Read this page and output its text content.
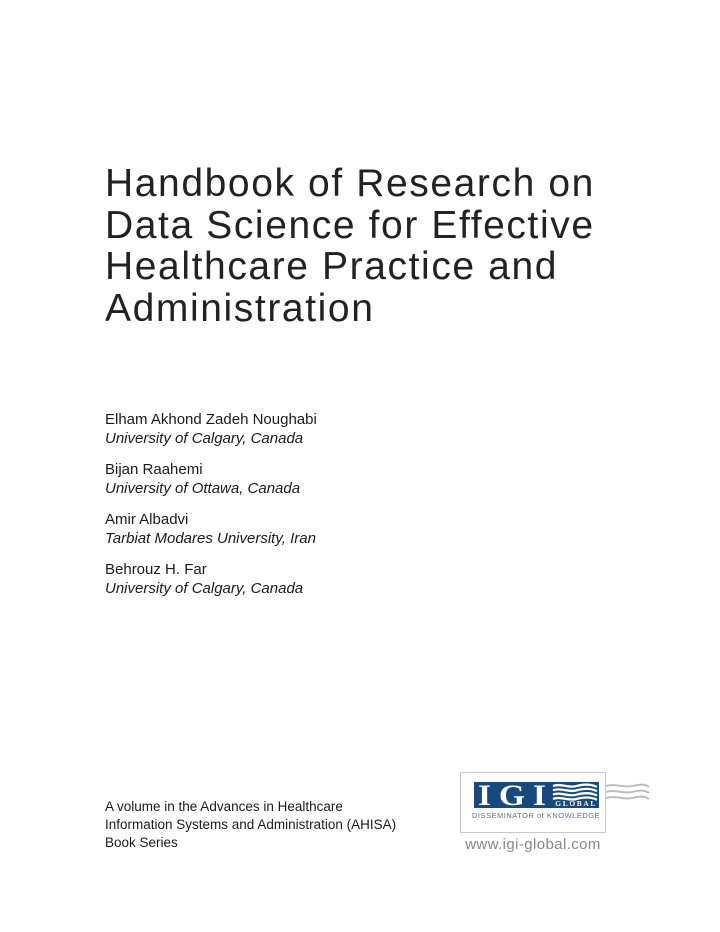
Handbook of Research on
Data Science for Effective
Healthcare Practice and
Administration
Elham Akhond Zadeh Noughabi
University of Calgary, Canada
Bijan Raahemi
University of Ottawa, Canada
Amir Albadvi
Tarbiat Modares University, Iran
Behrouz H. Far
University of Calgary, Canada
A volume in the Advances in Healthcare
Information Systems and Administration (AHISA)
Book Series
IGI GLOBAL
DISSEMINATOR of KNOWLEDGE
www.igi-global.com
